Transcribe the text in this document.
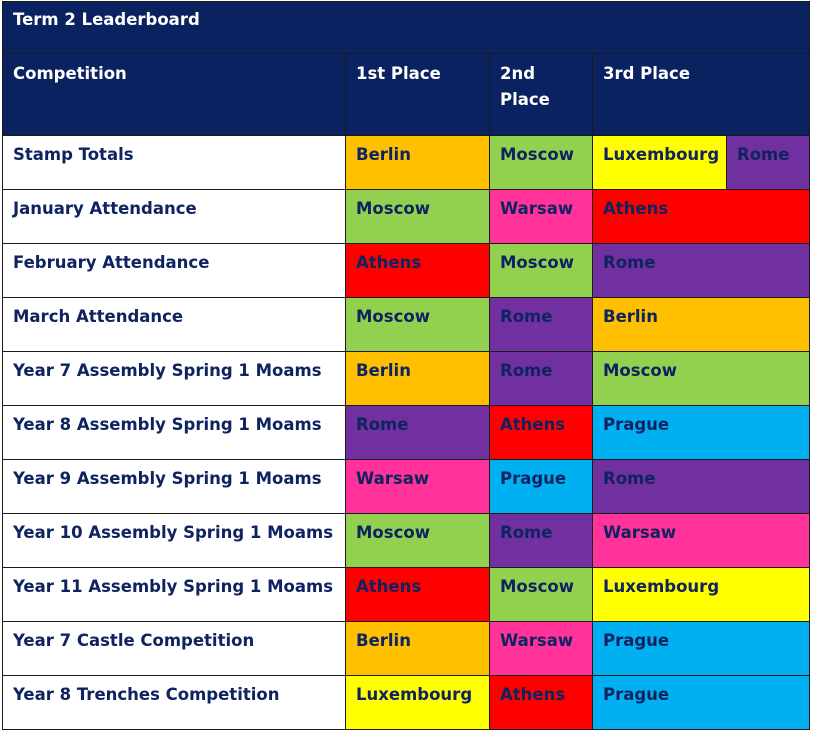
Term 2 Leaderboard				
Competition	1st Place	2nd Place	3rd Place	
Stamp Totals	Berlin	Moscow	Luxembourg	Rome
January Attendance	Moscow	Warsaw	Athens	
February Attendance	Athens	Moscow	Rome	
March Attendance	Moscow	Rome	Berlin	
Year 7 Assembly Spring 1 Moams	Berlin	Rome	Moscow	
Year 8 Assembly Spring 1 Moams	Rome	Athens	Prague	
Year 9 Assembly Spring 1 Moams	Warsaw	Prague	Rome	
Year 10 Assembly Spring 1 Moams	Moscow	Rome	Warsaw	
Year 11 Assembly Spring 1 Moams	Athens	Moscow	Luxembourg	
Year 7 Castle Competition	Berlin	Warsaw	Prague	
Year 8 Trenches Competition	Luxembourg	Athens	Prague	
